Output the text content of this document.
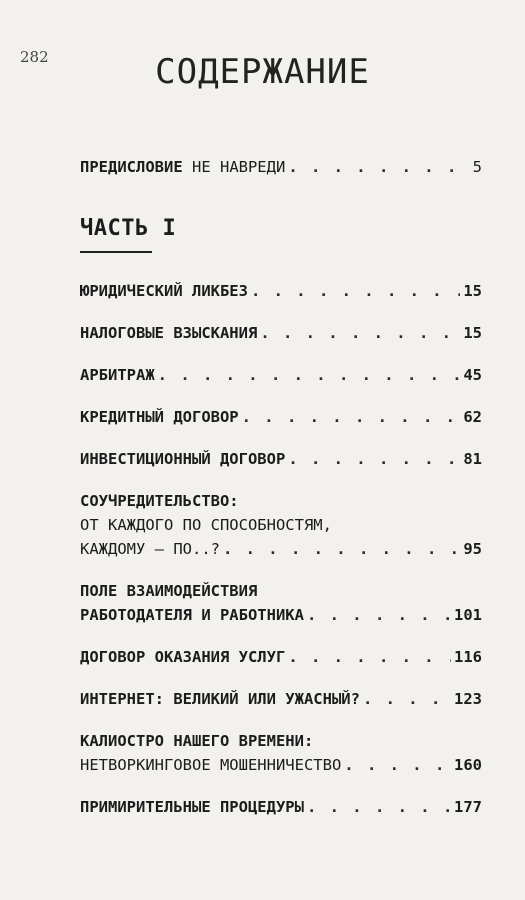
282	СОДЕРЖАНИЕ
ПРЕДИСЛОВИЕ НЕ НАВРЕДИ . . .	5
ЧАСТЬ I
ЮРИДИЧЕСКИЙ ЛИКБЕЗ . . .	15
НАЛОГОВЫЕ ВЗЫСКАНИЯ . . .	15
АРБИТРАЖ . . .	45
КРЕДИТНЫЙ ДОГОВОР . . .	62
ИНВЕСТИЦИОННЫЙ ДОГОВОР . . .	81
СОУЧРЕДИТЕЛЬСТВО:
ОТ КАЖДОГО ПО СПОСОБНОСТЯМ,
КАЖДОМУ — ПО..? . . .	95
ПОЛЕ ВЗАИМОДЕЙСТВИЯ
РАБОТОДАТЕЛЯ И РАБОТНИКА . . .	101
ДОГОВОР ОКАЗАНИЯ УСЛУГ . . .	116
ИНТЕРНЕТ: ВЕЛИКИЙ ИЛИ УЖАСНЫЙ? . . .	123
КАЛИОСТРО НАШЕГО ВРЕМЕНИ:
НЕТВОРКИНГОВОЕ МОШЕННИЧЕСТВО . . .	160
ПРИМИРИТЕЛЬНЫЕ ПРОЦЕДУРЫ . . .	177
